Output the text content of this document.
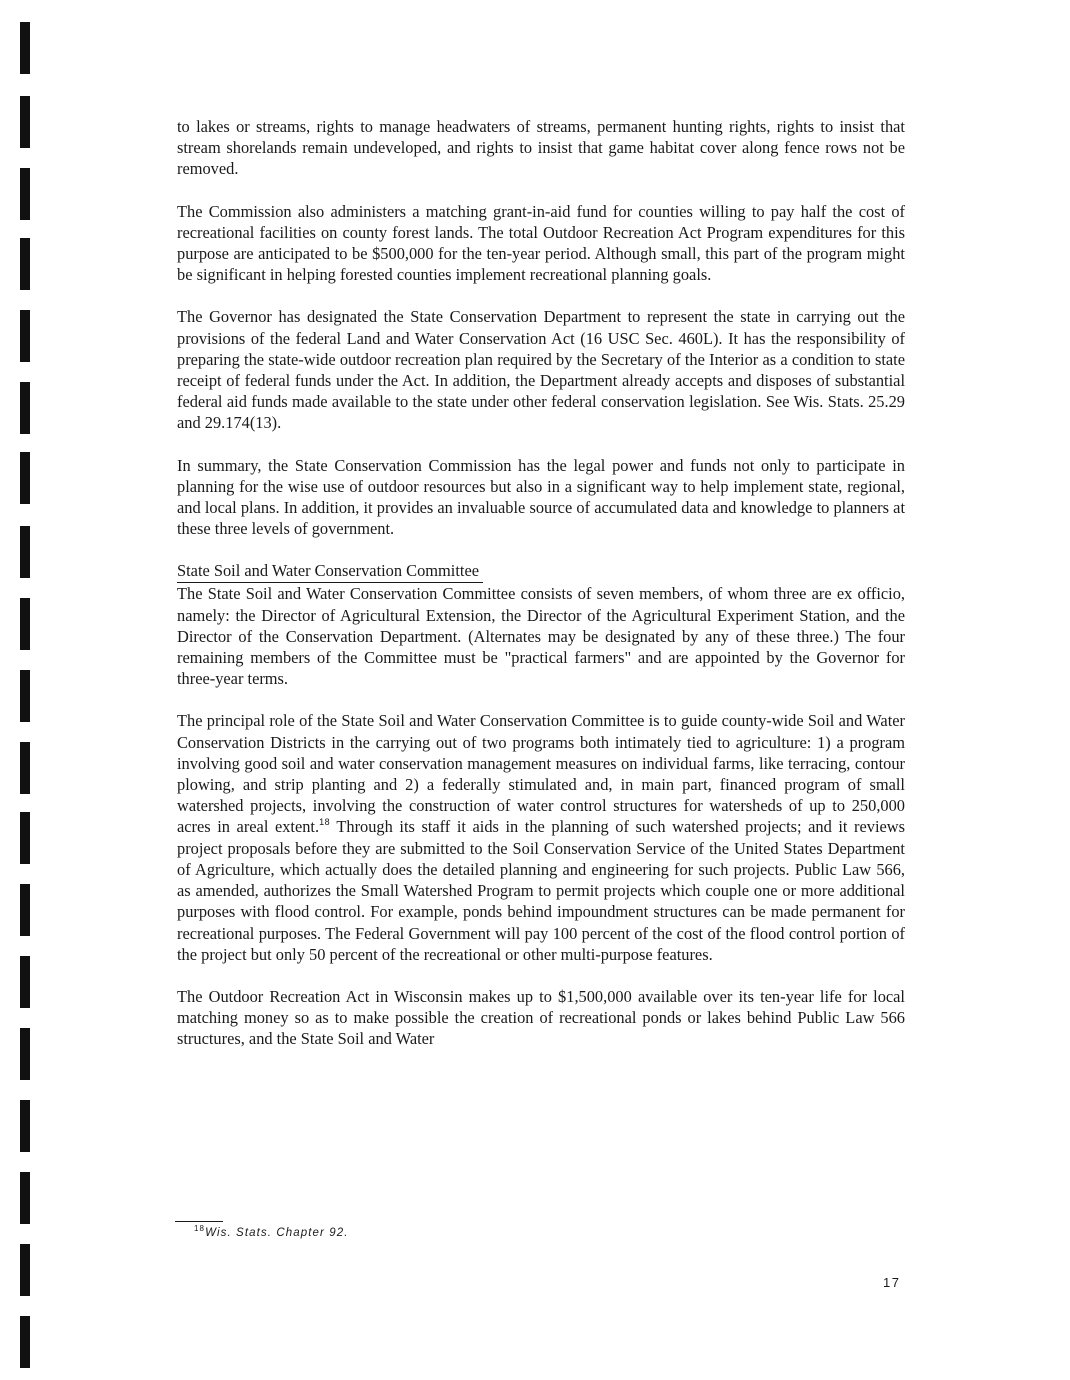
to lakes or streams, rights to manage headwaters of streams, permanent hunting rights, rights to insist that stream shorelands remain undeveloped, and rights to insist that game habitat cover along fence rows not be removed.

The Commission also administers a matching grant-in-aid fund for counties willing to pay half the cost of recreational facilities on county forest lands. The total Outdoor Recreation Act Program expenditures for this purpose are anticipated to be $500,000 for the ten-year period. Although small, this part of the program might be significant in helping forested counties implement recreational planning goals.

The Governor has designated the State Conservation Department to represent the state in carrying out the provisions of the federal Land and Water Conservation Act (16 USC Sec. 460L). It has the responsibility of preparing the state-wide outdoor recreation plan required by the Secretary of the Interior as a condition to state receipt of federal funds under the Act. In addition, the Department already accepts and disposes of substantial federal aid funds made available to the state under other federal conservation legislation. See Wis. Stats. 25.29 and 29.174(13).

In summary, the State Conservation Commission has the legal power and funds not only to participate in planning for the wise use of outdoor resources but also in a significant way to help implement state, regional, and local plans. In addition, it provides an invaluable source of accumulated data and knowledge to planners at these three levels of government.

State Soil and Water Conservation Committee

The State Soil and Water Conservation Committee consists of seven members, of whom three are ex officio, namely: the Director of Agricultural Extension, the Director of the Agricultural Experiment Station, and the Director of the Conservation Department. (Alternates may be designated by any of these three.) The four remaining members of the Committee must be "practical farmers" and are appointed by the Governor for three-year terms.

The principal role of the State Soil and Water Conservation Committee is to guide county-wide Soil and Water Conservation Districts in the carrying out of two programs both intimately tied to agriculture: 1) a program involving good soil and water conservation management measures on individual farms, like terracing, contour plowing, and strip planting and 2) a federally stimulated and, in main part, financed program of small watershed projects, involving the construction of water control structures for watersheds of up to 250,000 acres in areal extent.$^{18}$ Through its staff it aids in the planning of such watershed projects; and it reviews project proposals before they are submitted to the Soil Conservation Service of the United States Department of Agriculture, which actually does the detailed planning and engineering for such projects. Public Law 566, as amended, authorizes the Small Watershed Program to permit projects which couple one or more additional purposes with flood control. For example, ponds behind impoundment structures can be made permanent for recreational purposes. The Federal Government will pay 100 percent of the cost of the flood control portion of the project but only 50 percent of the recreational or other multi-purpose features.

The Outdoor Recreation Act in Wisconsin makes up to $1,500,000 available over its ten-year life for local matching money so as to make possible the creation of recreational ponds or lakes behind Public Law 566 structures, and the State Soil and Water

$^{18}$Wis. Stats. Chapter 92.
17
